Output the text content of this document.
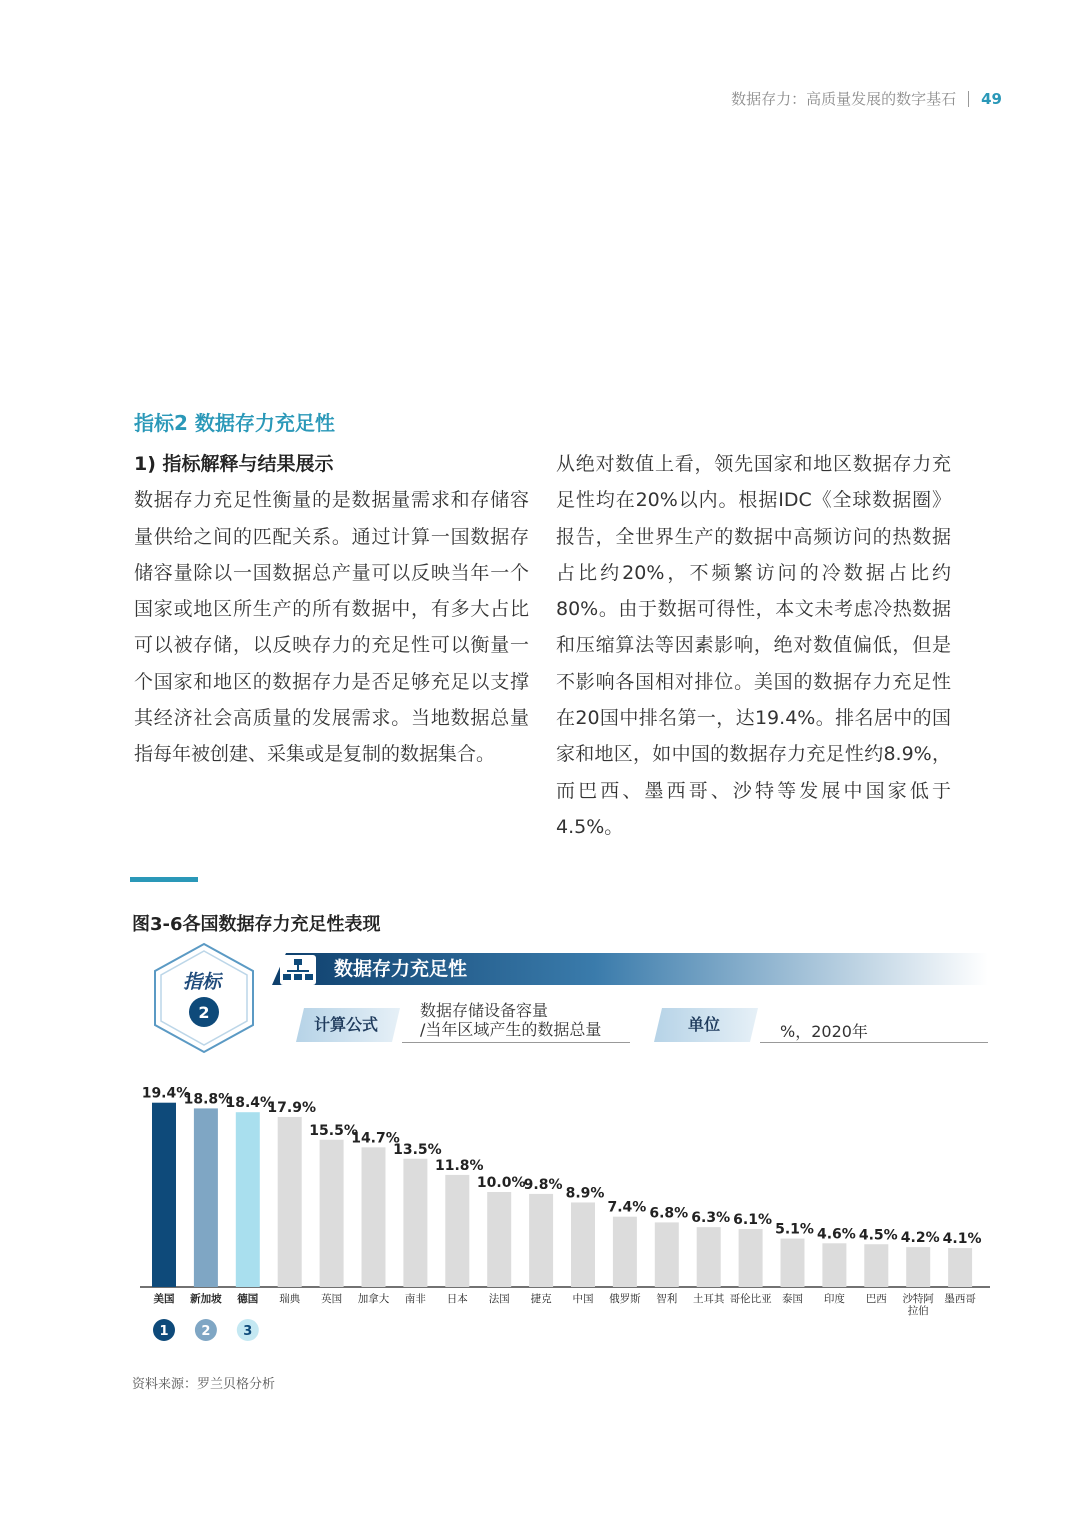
数据存力：高质量发展的数字基石 49
指标2 数据存力充足性

1) 指标解释与结果展示

数据存力充足性衡量的是数据量需求和存储容量供给之间的匹配关系。通过计算一国数据存储容量除以一国数据总产量可以反映当年一个国家或地区所生产的所有数据中，有多大占比可以被存储，以反映存力的充足性可以衡量一个国家和地区的数据存力是否足够充足以支撑其经济社会高质量的发展需求。当地数据总量指每年被创建、采集或是复制的数据集合。

从绝对数值上看，领先国家和地区数据存力充足性均在20%以内。根据IDC《全球数据圈》报告，全世界生产的数据中高频访问的热数据占比约20%，不频繁访问的冷数据占比约80%。由于数据可得性，本文未考虑冷热数据和压缩算法等因素影响，绝对数值偏低，但是不影响各国相对排位。美国的数据存力充足性在20国中排名第一，达19.4%。排名居中的国家和地区，如中国的数据存力充足性约8.9%，而巴西、墨西哥、沙特等发展中国家低于4.5%。

图3-6各国数据存力充足性表现
指标
2
数据存力充足性
计算公式
数据存储设备容量
/当年区域产生的数据总量	单位	%，2020年
19.4%
美国
18.8%
新加坡
18.4%
德国
17.9%
瑞典
15.5%
英国
14.7%
加拿大
13.5%
南非
11.8%
日本
10.0%
法国
9.8%
捷克
8.9%
中国
7.4%
俄罗斯
6.8%
智利
6.3%
土耳其
6.1%
哥伦比亚
5.1%
泰国
4.6%
印度
4.5%
巴西
4.2%
沙特阿拉伯
4.1%
墨西哥
1	2	3
资料来源：罗兰贝格分析
